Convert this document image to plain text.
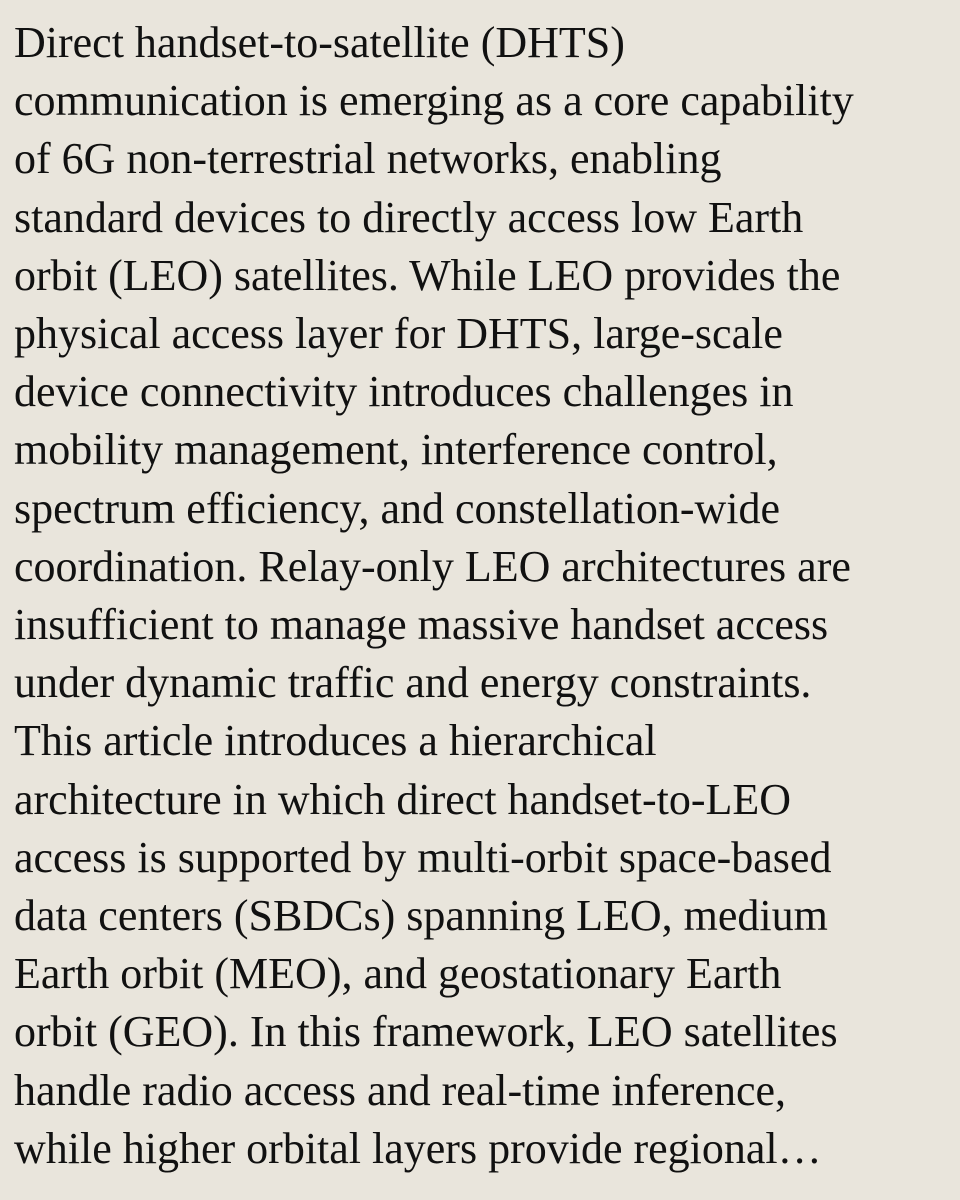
Direct handset-to-satellite (DHTS)
communication is emerging as a core capability
of 6G non-terrestrial networks, enabling
standard devices to directly access low Earth
orbit (LEO) satellites. While LEO provides the
physical access layer for DHTS, large-scale
device connectivity introduces challenges in
mobility management, interference control,
spectrum efficiency, and constellation-wide
coordination. Relay-only LEO architectures are
insufficient to manage massive handset access
under dynamic traffic and energy constraints.
This article introduces a hierarchical
architecture in which direct handset-to-LEO
access is supported by multi-orbit space-based
data centers (SBDCs) spanning LEO, medium
Earth orbit (MEO), and geostationary Earth
orbit (GEO). In this framework, LEO satellites
handle radio access and real-time inference,
while higher orbital layers provide regional…
